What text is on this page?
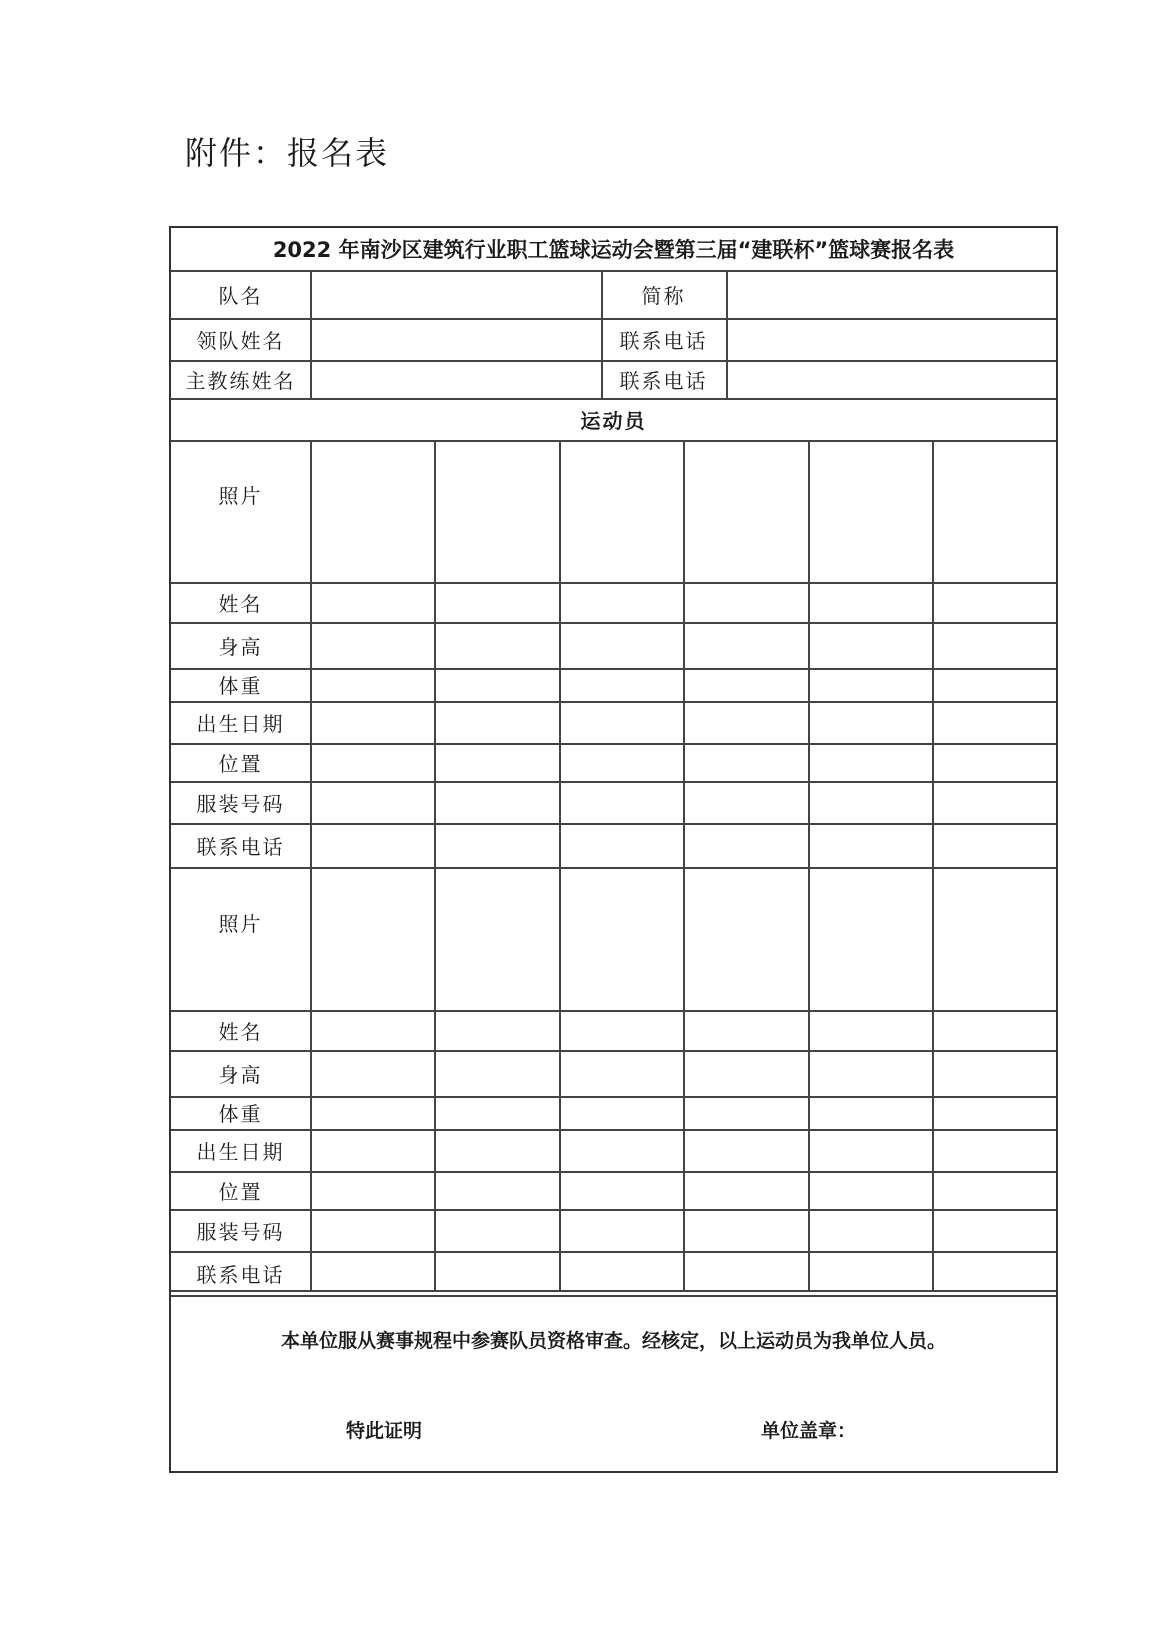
附件：报名表
2022 年南沙区建筑行业职工篮球运动会暨第三届“建联杯”篮球赛报名表
队名	简称
领队姓名	联系电话
主教练姓名	联系电话
运动员
照片
姓名
身高
体重
出生日期
位置
服装号码
联系电话
照片
姓名
身高
体重
出生日期
位置
服装号码
联系电话
本单位服从赛事规程中参赛队员资格审查。经核定，以上运动员为我单位人员。
特此证明	单位盖章：
